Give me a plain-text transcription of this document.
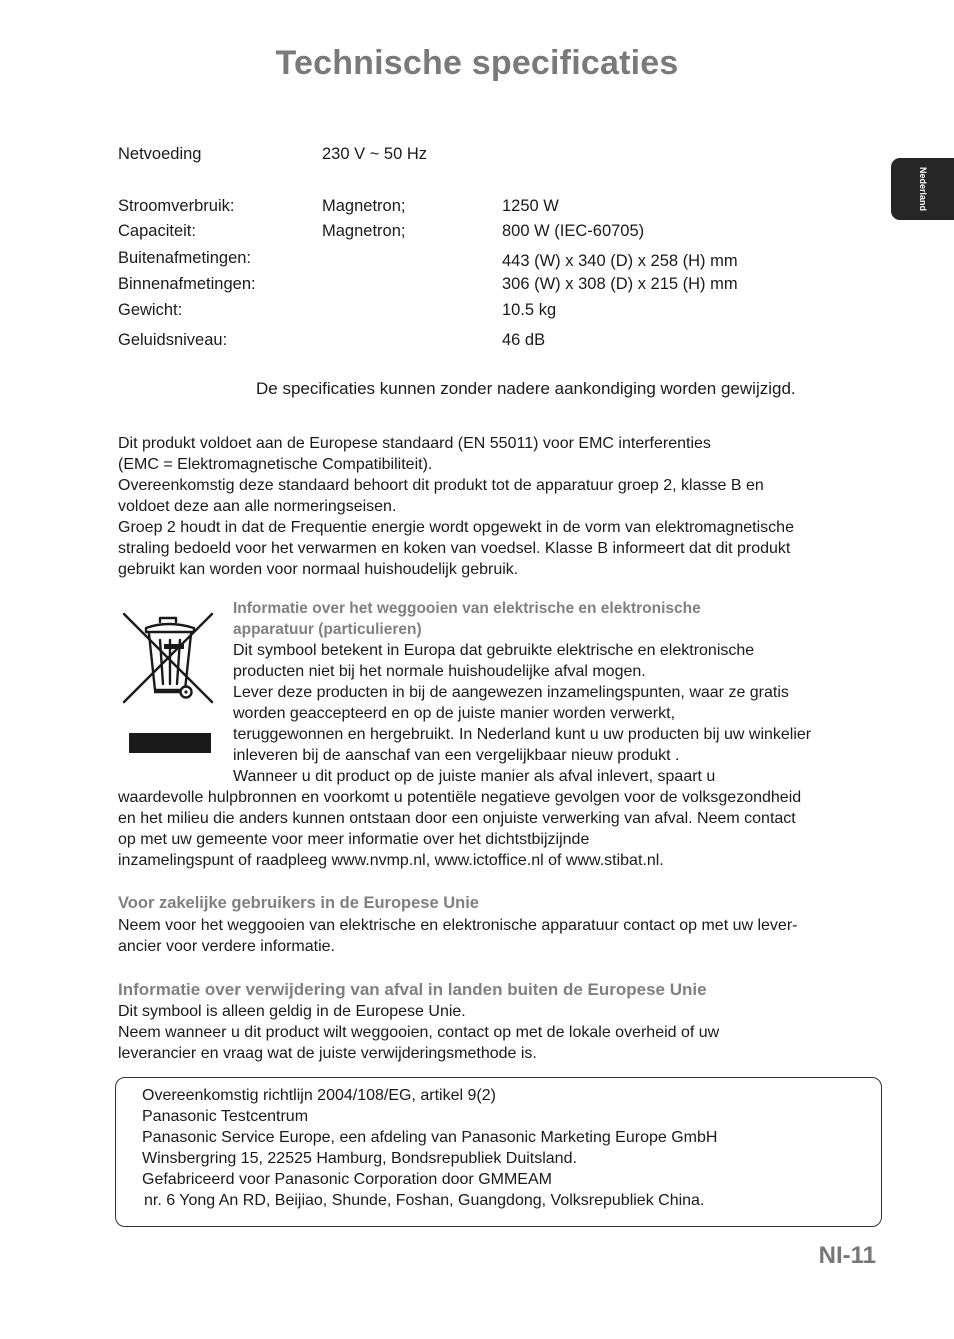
Technische specificaties
Nederland
Netvoeding	230 V ~ 50 Hz
Stroomverbruik:	Magnetron;	1250 W
Capaciteit:	Magnetron;	800 W (IEC-60705)
Buitenafmetingen:	443 (W) x 340 (D) x 258 (H) mm
Binnenafmetingen:	306 (W) x 308 (D) x 215 (H) mm
Gewicht:	10.5 kg
Geluidsniveau:	46 dB
De specificaties kunnen zonder nadere aankondiging worden gewijzigd.
Dit produkt voldoet aan de Europese standaard (EN 55011) voor EMC interferenties
(EMC = Elektromagnetische Compatibiliteit).
Overeenkomstig deze standaard behoort dit produkt tot de apparatuur groep 2, klasse B en
voldoet deze aan alle normeringseisen.
Groep 2 houdt in dat de Frequentie energie wordt opgewekt in de vorm van elektromagnetische
straling bedoeld voor het verwarmen en koken van voedsel. Klasse B informeert dat dit produkt
gebruikt kan worden voor normaal huishoudelijk gebruik.
Informatie over het weggooien van elektrische en elektronische
apparatuur (particulieren)
Dit symbool betekent in Europa dat gebruikte elektrische en elektronische
producten niet bij het normale huishoudelijke afval mogen.
Lever deze producten in bij de aangewezen inzamelingspunten, waar ze gratis
worden geaccepteerd en op de juiste manier worden verwerkt,
teruggewonnen en hergebruikt. In Nederland kunt u uw producten bij uw winkelier
inleveren bij de aanschaf van een vergelijkbaar nieuw produkt .
Wanneer u dit product op de juiste manier als afval inlevert, spaart u
waardevolle hulpbronnen en voorkomt u potentiële negatieve gevolgen voor de volksgezondheid
en het milieu die anders kunnen ontstaan door een onjuiste verwerking van afval. Neem contact
op met uw gemeente voor meer informatie over het dichtstbijzijnde
inzamelingspunt of raadpleeg www.nvmp.nl, www.ictoffice.nl of www.stibat.nl.
Voor zakelijke gebruikers in de Europese Unie
Neem voor het weggooien van elektrische en elektronische apparatuur contact op met uw lever-
ancier voor verdere informatie.
Informatie over verwijdering van afval in landen buiten de Europese Unie
Dit symbool is alleen geldig in de Europese Unie.
Neem wanneer u dit product wilt weggooien, contact op met de lokale overheid of uw
leverancier en vraag wat de juiste verwijderingsmethode is.
Overeenkomstig richtlijn 2004/108/EG, artikel 9(2)
Panasonic Testcentrum
Panasonic Service Europe, een afdeling van Panasonic Marketing Europe GmbH
Winsbergring 15, 22525 Hamburg, Bondsrepubliek Duitsland.
Gefabriceerd voor Panasonic Corporation door GMMEAM
nr. 6 Yong An RD, Beijiao, Shunde, Foshan, Guangdong, Volksrepubliek China.
NI-11
